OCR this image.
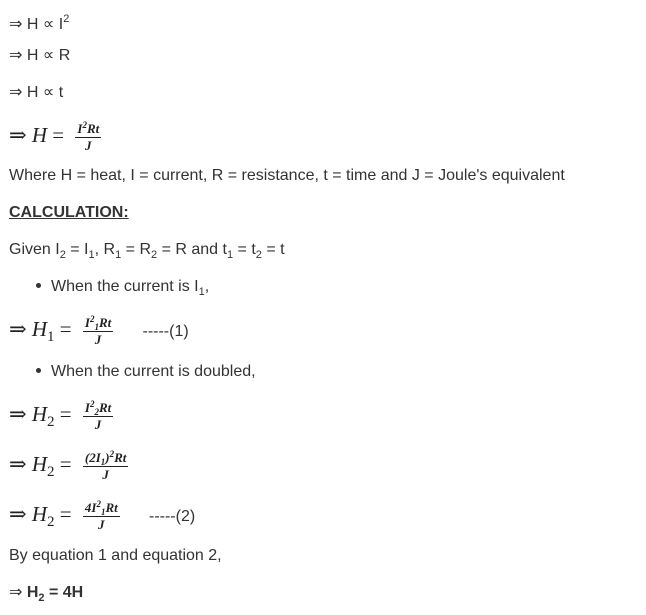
⇒ $H \propto I^2$
⇒ H ∝ R
⇒ H ∝ t
⇒ $H = \frac{I^2Rt}{J}$
Where H = heat, I = current, R = resistance, t = time and J = Joule's equivalent
CALCULATION:
Given $I_2 = I_1$, $R_1 = R_2 = R$ and $t_1 = t_2 = t$
When the current is $I_1$,
⇒ $H_1 = \frac{I^2_1Rt}{J} -----(1)$
When the current is doubled,
⇒ $H_2 = \frac{I^2_2Rt}{J}$
⇒ $H_2 = \frac{(2I_1)^2Rt}{J}$
⇒ $H_2 = \frac{4I^2_1Rt}{J} -----(2)$
By equation 1 and equation 2,
⇒ $H_2 = 4H$
